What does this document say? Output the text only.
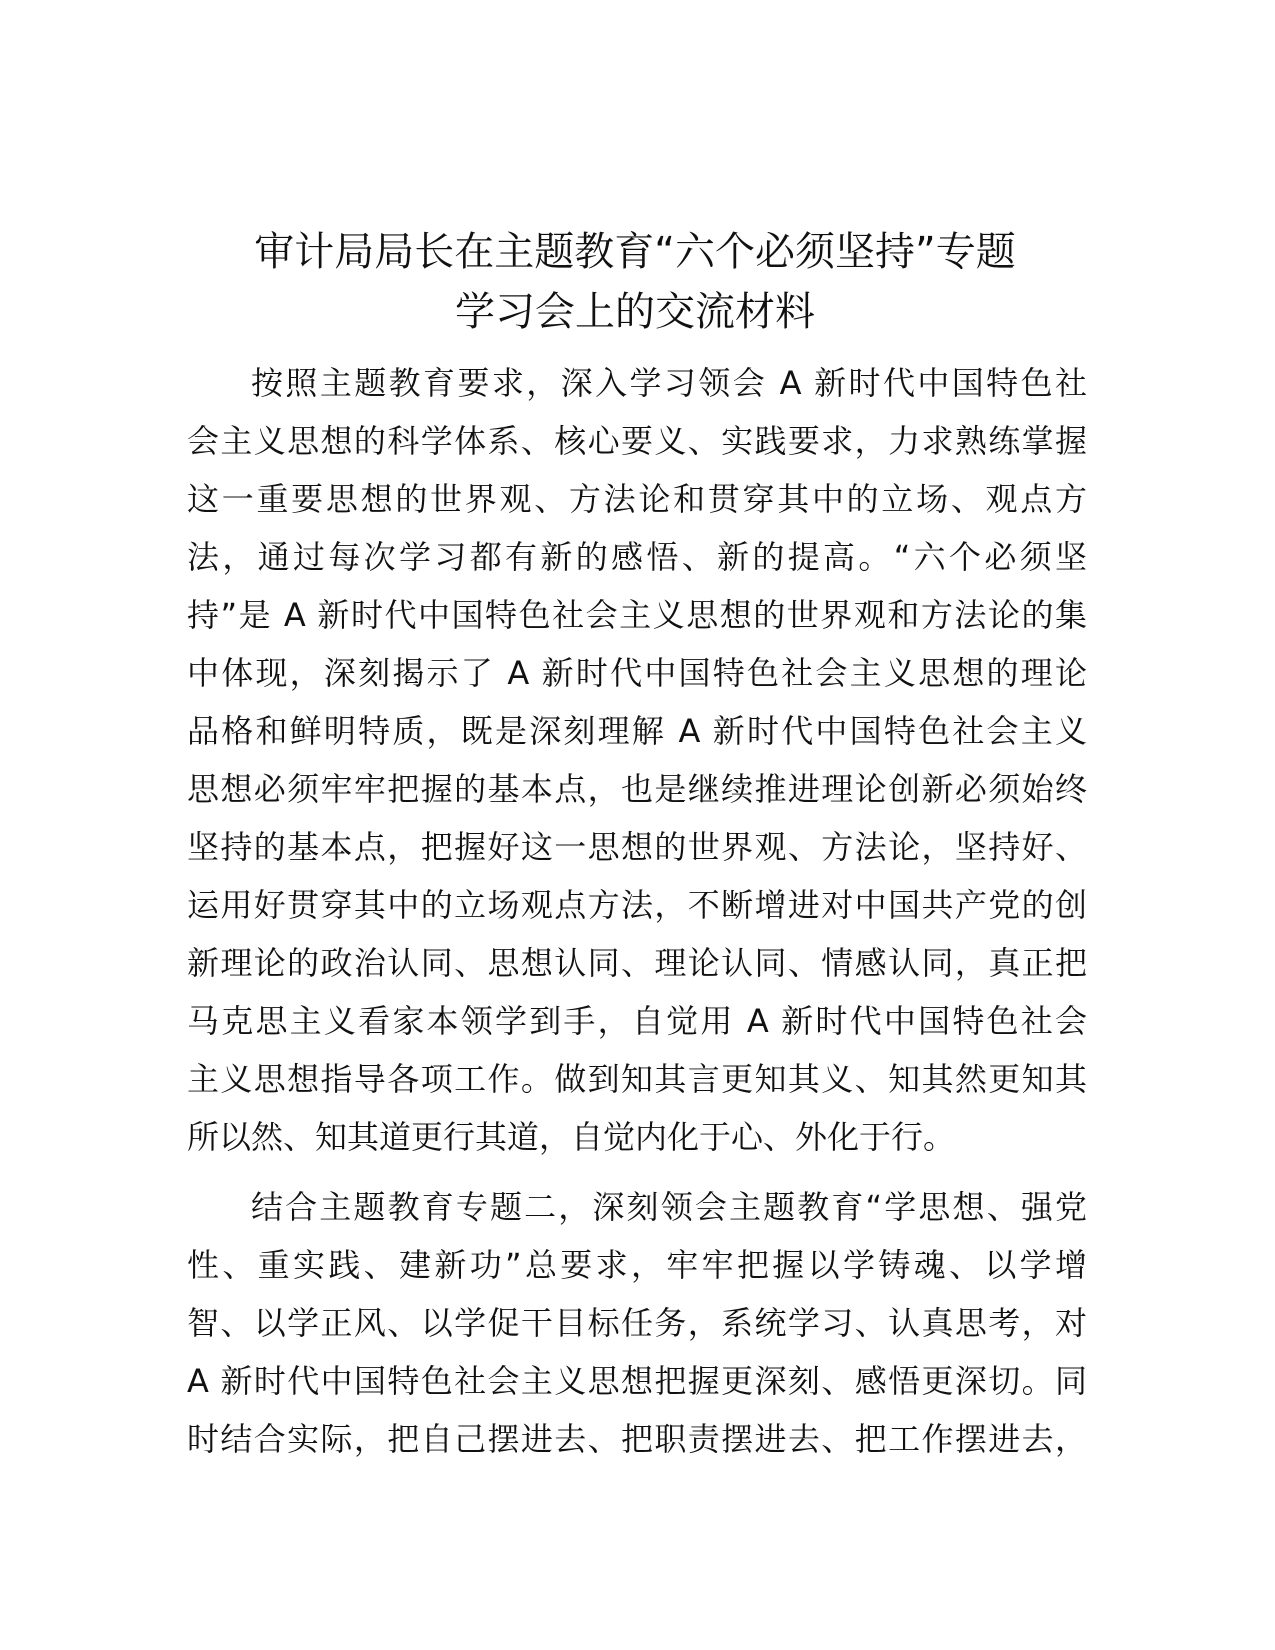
审计局局长在主题教育“六个必须坚持”专题
学习会上的交流材料
按照主题教育要求，深入学习领会 A 新时代中国特色社
会主义思想的科学体系、核心要义、实践要求，力求熟练掌握
这一重要思想的世界观、方法论和贯穿其中的立场、观点方
法，通过每次学习都有新的感悟、新的提高。“六个必须坚
持”是 A 新时代中国特色社会主义思想的世界观和方法论的集
中体现，深刻揭示了 A 新时代中国特色社会主义思想的理论
品格和鲜明特质，既是深刻理解 A 新时代中国特色社会主义
思想必须牢牢把握的基本点，也是继续推进理论创新必须始终
坚持的基本点，把握好这一思想的世界观、方法论，坚持好、
运用好贯穿其中的立场观点方法，不断增进对中国共产党的创
新理论的政治认同、思想认同、理论认同、情感认同，真正把
马克思主义看家本领学到手，自觉用 A 新时代中国特色社会
主义思想指导各项工作。做到知其言更知其义、知其然更知其
所以然、知其道更行其道，自觉内化于心、外化于行。
结合主题教育专题二，深刻领会主题教育“学思想、强党
性、重实践、建新功”总要求，牢牢把握以学铸魂、以学增
智、以学正风、以学促干目标任务，系统学习、认真思考，对
A 新时代中国特色社会主义思想把握更深刻、感悟更深切。同
时结合实际，把自己摆进去、把职责摆进去、把工作摆进去，
